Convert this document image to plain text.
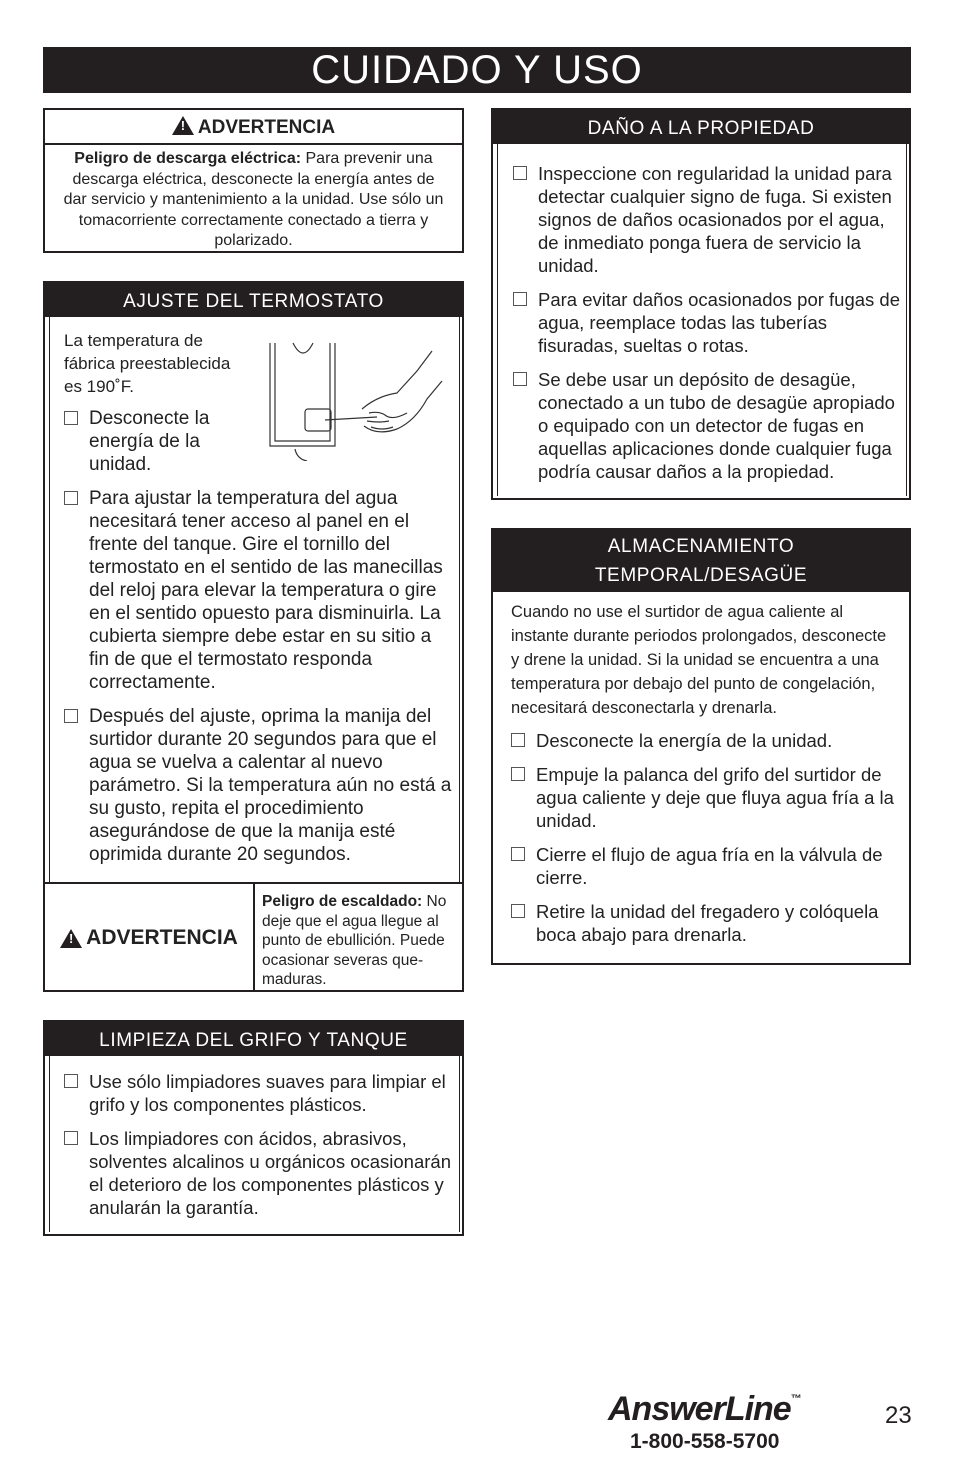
CUIDADO Y USO
! ADVERTENCIA
Peligro de descarga eléctrica: Para prevenir una descarga eléctrica, desconecte la energía antes de dar servicio y mantenimiento a la unidad. Use sólo un tomacorriente correctamente conectado a tierra y polarizado.
AJUSTE DEL TERMOSTATO
La temperatura de fábrica preestablecida es 190˚F.
Desconecte la energía de la unidad.
Para ajustar la temperatura del agua necesitará tener acceso al panel en el frente del tanque. Gire el tornillo del termostato en el sentido de las manecillas del reloj para elevar la temperatura o gire en el sentido opuesto para disminuirla. La cubierta siempre debe estar en su sitio a fin de que el termostato responda correctamente.
Después del ajuste, oprima la manija del surtidor durante 20 segundos para que el agua se vuelva a calentar al nuevo parámetro. Si la temperatura aún no está a su gusto, repita el procedimiento asegurándose de que la manija esté oprimida durante 20 segundos.
! ADVERTENCIA
Peligro de escaldado: No deje que el agua llegue al punto de ebullición. Puede ocasionar severas que-maduras.
LIMPIEZA DEL GRIFO Y TANQUE
Use sólo limpiadores suaves para limpiar el grifo y los componentes plásticos.
Los limpiadores con ácidos, abrasivos, solventes alcalinos u orgánicos ocasionarán el deterioro de los componentes plásticos y anularán la garantía.
DAÑO A LA PROPIEDAD
Inspeccione con regularidad la unidad para detectar cualquier signo de fuga. Si existen signos de daños ocasionados por el agua, de inmediato ponga fuera de servicio la unidad.
Para evitar daños ocasionados por fugas de agua, reemplace todas las tuberías fisuradas, sueltas o rotas.
Se debe usar un depósito de desagüe, conectado a un tubo de desagüe apropiado o equipado con un detector de fugas en aquellas aplicaciones donde cualquier fuga podría causar daños a la propiedad.
ALMACENAMIENTO
TEMPORAL/DESAGÜE
Cuando no use el surtidor de agua caliente al instante durante periodos prolongados, desconecte y drene la unidad. Si la unidad se encuentra a una temperatura por debajo del punto de congelación, necesitará desconectarla y drenarla.
Desconecte la energía de la unidad.
Empuje la palanca del grifo del surtidor de agua caliente y deje que fluya agua fría a la unidad.
Cierre el flujo de agua fría en la válvula de cierre.
Retire la unidad del fregadero y colóquela boca abajo para drenarla.
AnswerLine™
1-800-558-5700
23
